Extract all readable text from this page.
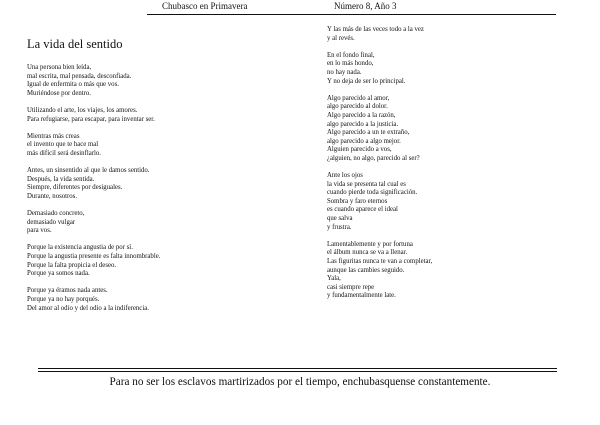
Chubasco en Primavera	Número 8, Año 3
La vida del sentido
Una persona bien leída,
mal escrita, mal pensada, desconfiada.
Igual de enfermita o más que vos.
Muriéndose por dentro.
Utilizando el arte, los viajes, los amores.
Para refugiarse, para escapar, para inventar ser.
Mientras más creas
el invento que te hace mal
más difícil será desinflarlo.
Antes, un sinsentido al que le damos sentido.
Después, la vida sentida.
Siempre, diferentes por desiguales.
Durante, nosotros.
Demasiado concreto,
demasiado vulgar
para vos.
Porque la existencia angustia de por sí.
Porque la angustia presente es falta innombrable.
Porque la falta propicia el deseo.
Porque ya somos nada.
Porque ya éramos nada antes.
Porque ya no hay porqués.
Del amor al odio y del odio a la indiferencia.
Y las más de las veces todo a la vez
y al revés.
En el fondo final,
en lo más hondo,
no hay nada.
Y no deja de ser lo principal.
Algo parecido al amor,
algo parecido al dolor.
Algo parecido a la razón,
algo parecido a la justicia.
Algo parecido a un te extraño,
algo parecido a algo mejor.
Alguien parecido a vos,
¿alguien, no algo, parecido al ser?
Ante los ojos
la vida se presenta tal cual es
cuando pierde toda significación.
Sombra y faro eternos
es cuando aparece el ideal
que salva
y frustra.
Lamentablemente y por fortuna
el álbum nunca se va a llenar.
Las figuritas nunca te van a completar,
aunque las cambies seguido.
Yala,
casi siempre repe
y fundamentalmente late.
Para no ser los esclavos martirizados por el tiempo, enchubasquense constantemente.
